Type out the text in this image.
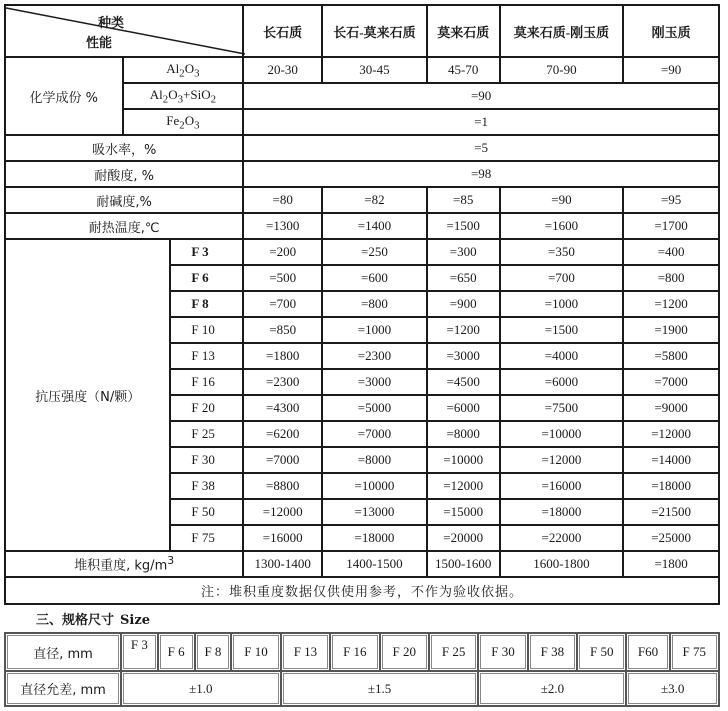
种类
性能			长石质	长石-莫来石质	莫来石质	莫来石质-刚玉质	刚玉质
化学成份 %	$Al_2O_3$		20-30	30-45	45-70	70-90	=90
	$Al_2O_3+SiO_2$		=90				
	$Fe_2O_3$		=1				
吸水率，%			=5				
耐酸度, %			=98				
耐碱度,%			=80	=82	=85	=90	=95
耐热温度,℃			=1300	=1400	=1500	=1600	=1700
抗压强度（N/颗）		F 3	=200	=250	=300	=350	=400
		F 6	=500	=600	=650	=700	=800
		F 8	=700	=800	=900	=1000	=1200
		F 10	=850	=1000	=1200	=1500	=1900
		F 13	=1800	=2300	=3000	=4000	=5800
		F 16	=2300	=3000	=4500	=6000	=7000
		F 20	=4300	=5000	=6000	=7500	=9000
		F 25	=6200	=7000	=8000	=10000	=12000
		F 30	=7000	=8000	=10000	=12000	=14000
		F 38	=8800	=10000	=12000	=16000	=18000
		F 50	=12000	=13000	=15000	=18000	=21500
		F 75	=16000	=18000	=20000	=22000	=25000
堆积重度, $kg/m^3$			1300-1400	1400-1500	1500-1600	1600-1800	=1800
注：堆积重度数据仅供使用参考，不作为验收依据。							
三、规格尺寸 Size
直径, mm	F 3	F 6	F 8	F 10	F 13	F 16	F 20	F 25	F 30	F 38	F 50	F60	F 75
直径允差, mm	±1.0				±1.5				±2.0			±3.0	
